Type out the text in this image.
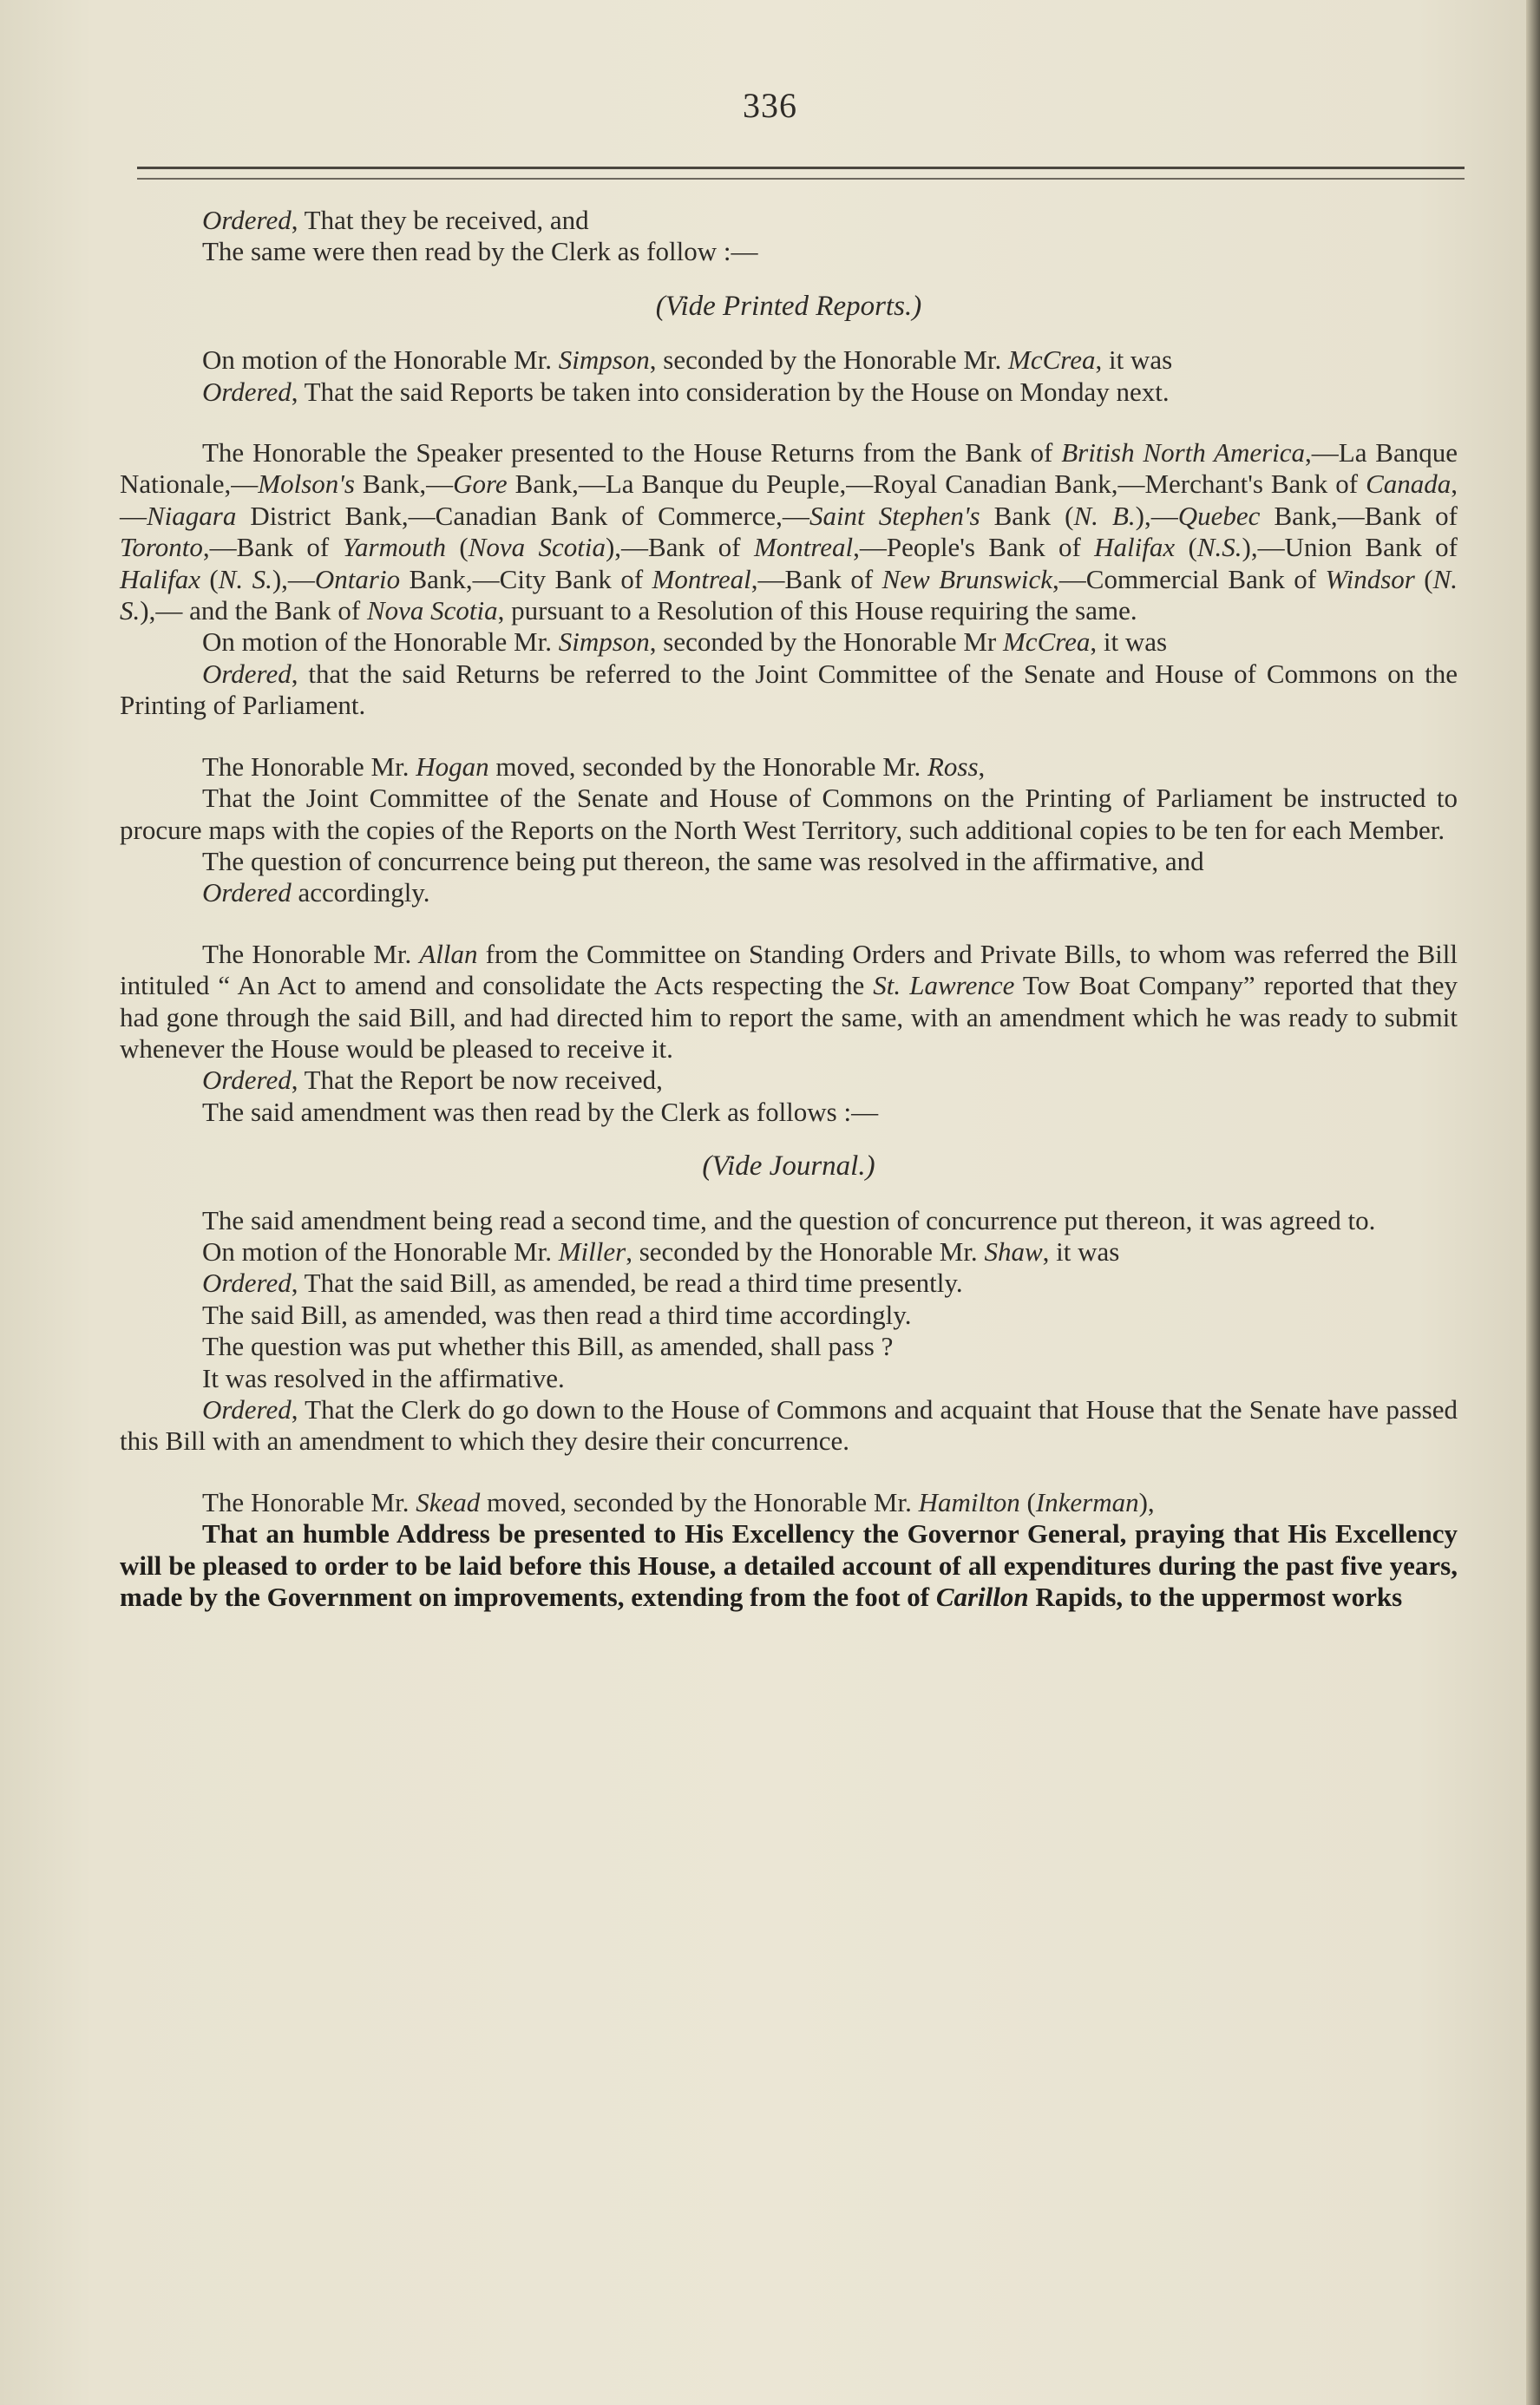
336

Ordered, That they be received, and

The same were then read by the Clerk as follow :—

(Vide Printed Reports.)

On motion of the Honorable Mr. Simpson, seconded by the Honorable Mr. McCrea, it was

Ordered, That the said Reports be taken into consideration by the House on Monday next.

The Honorable the Speaker presented to the House Returns from the Bank of British North America,—La Banque Nationale,—Molson's Bank,—Gore Bank,—La Banque du Peuple,—Royal Canadian Bank,—Merchant's Bank of Canada,—Niagara District Bank,—Canadian Bank of Commerce,—Saint Stephen's Bank (N. B.),—Quebec Bank,—Bank of Toronto,—Bank of Yarmouth (Nova Scotia),—Bank of Montreal,—People's Bank of Halifax (N.S.),—Union Bank of Halifax (N. S.),—Ontario Bank,—City Bank of Montreal,—Bank of New Brunswick,—Commercial Bank of Windsor (N. S.),— and the Bank of Nova Scotia, pursuant to a Resolution of this House requiring the same.

On motion of the Honorable Mr. Simpson, seconded by the Honorable Mr McCrea, it was

Ordered, that the said Returns be referred to the Joint Committee of the Senate and House of Commons on the Printing of Parliament.

The Honorable Mr. Hogan moved, seconded by the Honorable Mr. Ross,

That the Joint Committee of the Senate and House of Commons on the Printing of Parliament be instructed to procure maps with the copies of the Reports on the North West Territory, such additional copies to be ten for each Member.

The question of concurrence being put thereon, the same was resolved in the affirmative, and

Ordered accordingly.

The Honorable Mr. Allan from the Committee on Standing Orders and Private Bills, to whom was referred the Bill intituled “ An Act to amend and consolidate the Acts respecting the St. Lawrence Tow Boat Company” reported that they had gone through the said Bill, and had directed him to report the same, with an amendment which he was ready to submit whenever the House would be pleased to receive it.

Ordered, That the Report be now received,

The said amendment was then read by the Clerk as follows :—

(Vide Journal.)

The said amendment being read a second time, and the question of concurrence put thereon, it was agreed to.

On motion of the Honorable Mr. Miller, seconded by the Honorable Mr. Shaw, it was

Ordered, That the said Bill, as amended, be read a third time presently.

The said Bill, as amended, was then read a third time accordingly.

The question was put whether this Bill, as amended, shall pass ?

It was resolved in the affirmative.

Ordered, That the Clerk do go down to the House of Commons and acquaint that House that the Senate have passed this Bill with an amendment to which they desire their concurrence.

The Honorable Mr. Skead moved, seconded by the Honorable Mr. Hamilton (Inkerman),

That an humble Address be presented to His Excellency the Governor General, praying that His Excellency will be pleased to order to be laid before this House, a detailed account of all expenditures during the past five years, made by the Government on improvements, extending from the foot of Carillon Rapids, to the uppermost works
